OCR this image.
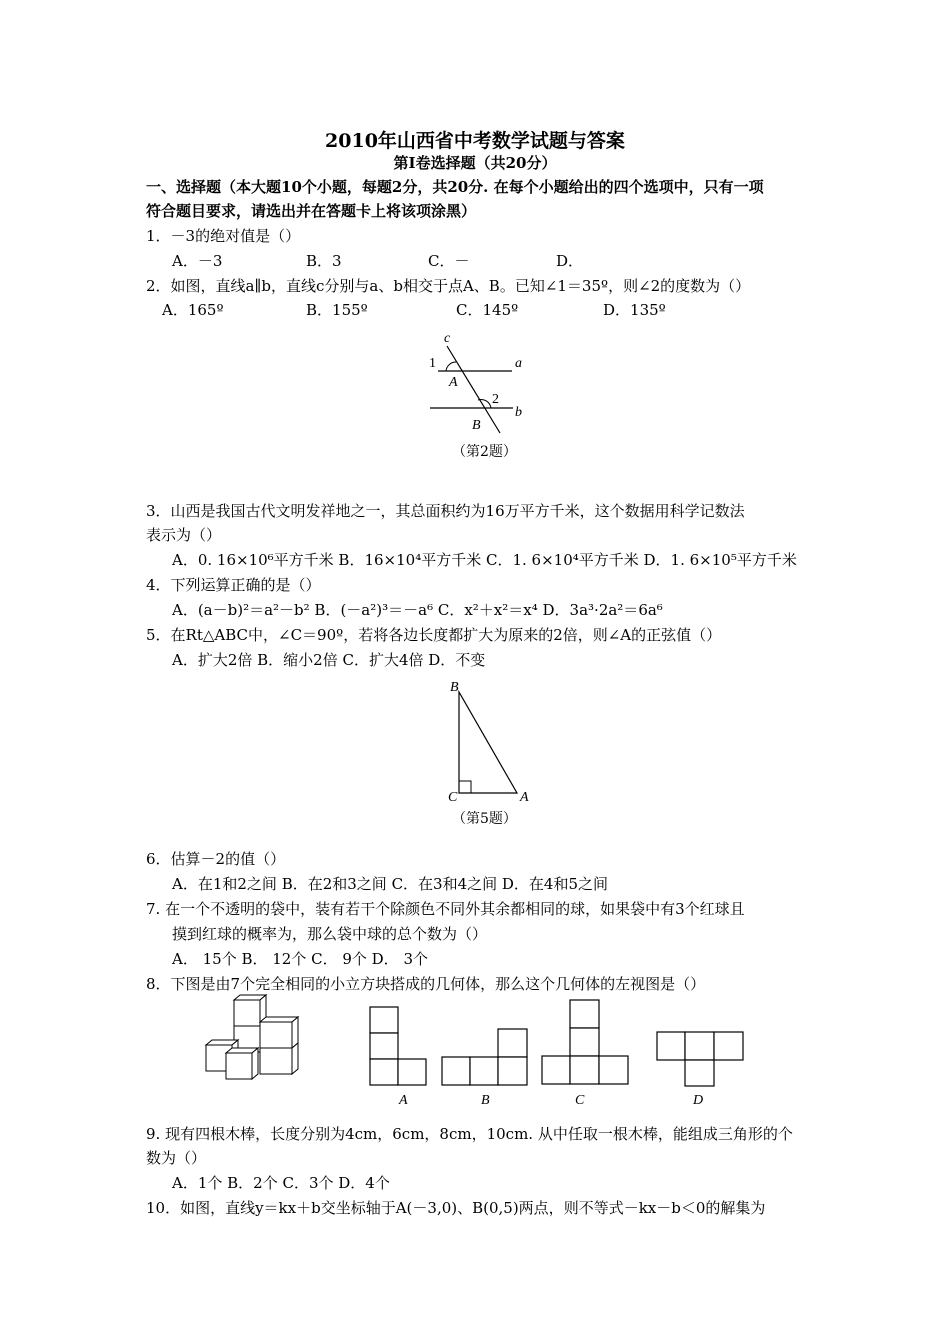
2010年山西省中考数学试题与答案
第Ⅰ卷选择题（共20分）
一、选择题（本大题10个小题，每题2分，共20分. 在每个小题给出的四个选项中，只有一项
符合题目要求，请选出并在答题卡上将该项涂黑）
1．－3的绝对值是（）
A．－3	B．3	C．－	D．
2．如图，直线a∥b，直线c分别与a、b相交于点A、B。已知∠1＝35º，则∠2的度数为（）
A．165º	B．155º	C．145º	D．135º
c
1	a
A
2
b
B
（第2题）
3．山西是我国古代文明发祥地之一，其总面积约为16万平方千米，这个数据用科学记数法
表示为（）
A．0. 16×10⁶平方千米 B．16×10⁴平方千米 C．1. 6×10⁴平方千米 D．1. 6×10⁵平方千米
4．下列运算正确的是（）
A．(a－b)²＝a²－b² B．(－a²)³＝－a⁶ C．x²＋x²＝x⁴ D．3a³·2a²＝6a⁶
5．在Rt△ABC中，∠C＝90º，若将各边长度都扩大为原来的2倍，则∠A的正弦值（）
A．扩大2倍 B．缩小2倍 C．扩大4倍 D．不变
B
C	A
（第5题）
6．估算－2的值（）
A．在1和2之间 B．在2和3之间 C．在3和4之间 D．在4和5之间
7. 在一个不透明的袋中，装有若干个除颜色不同外其余都相同的球，如果袋中有3个红球且
摸到红球的概率为，那么袋中球的总个数为（）
A． 15个 B． 12个 C． 9个 D． 3个
8．下图是由7个完全相同的小立方块搭成的几何体，那么这个几何体的左视图是（）
A	B	C	D
9. 现有四根木棒，长度分别为4cm，6cm，8cm，10cm. 从中任取一根木棒，能组成三角形的个
数为（）
A．1个 B．2个 C．3个 D．4个
10．如图，直线y＝kx＋b交坐标轴于A(－3,0)、B(0,5)两点，则不等式－kx－b＜0的解集为
